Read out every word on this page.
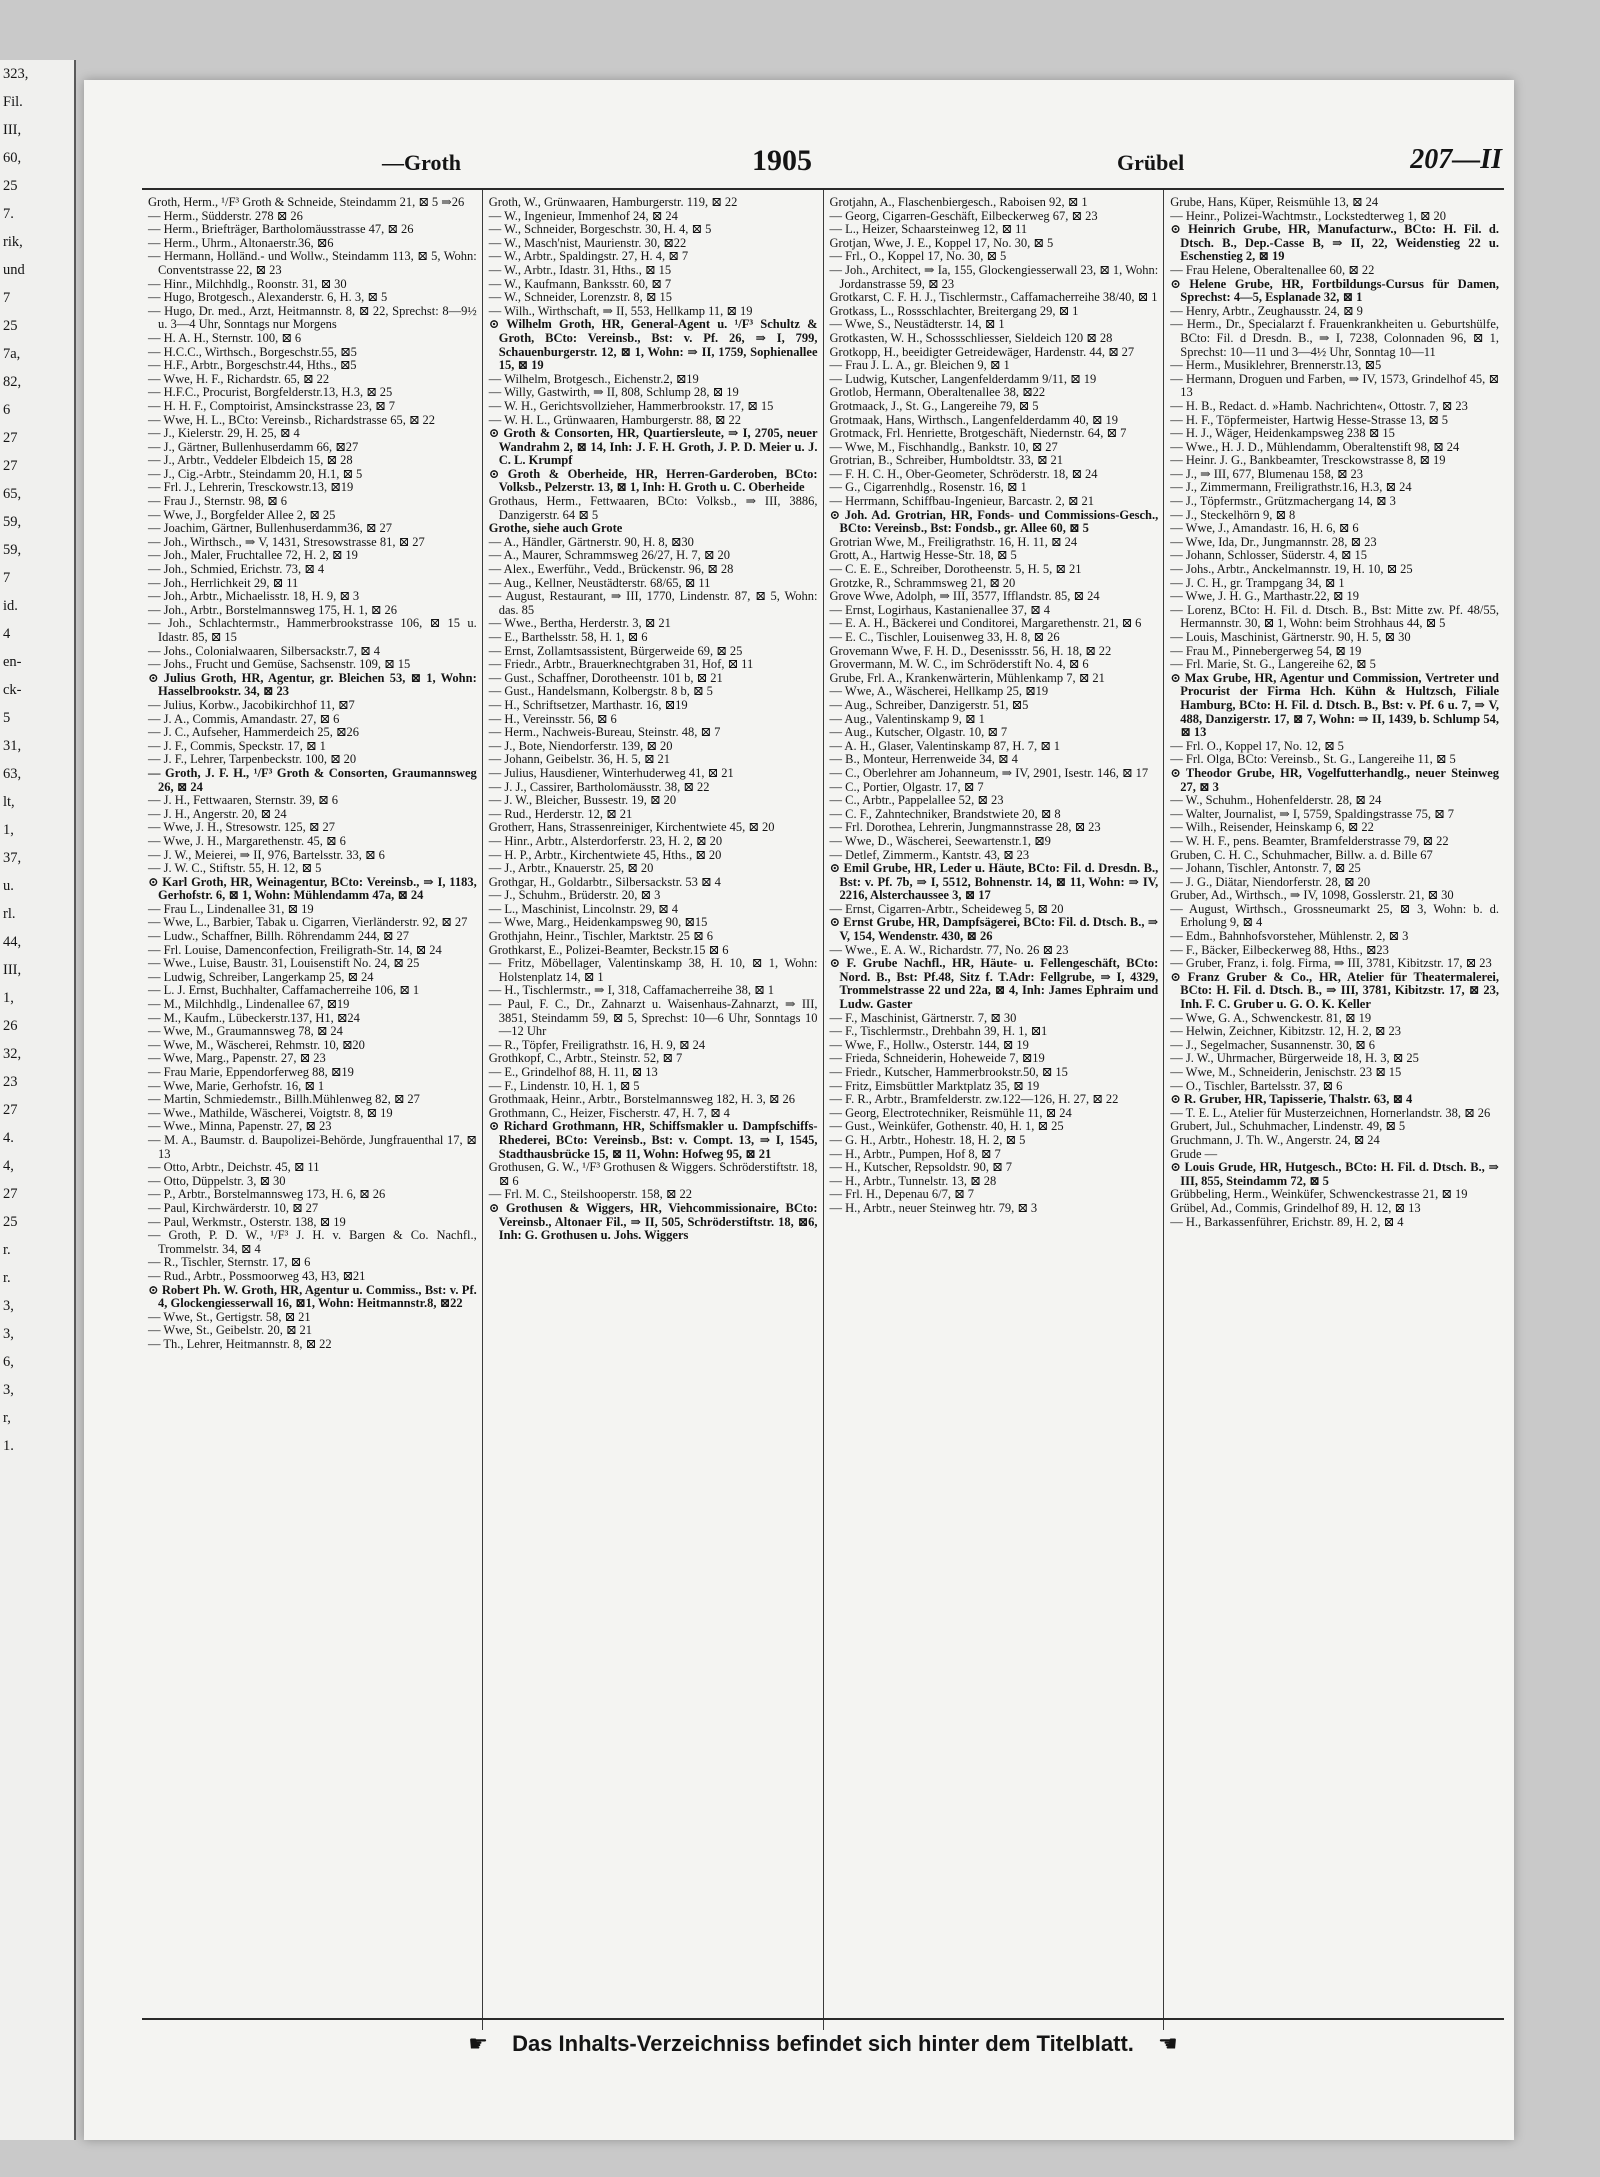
323,
Fil.
III,
60,
25
7.
rik,
und
7
25
7a,
82,
6
27
27
65,
59,
59,
7
id.
4
en-
ck-
5
31,
63,
lt,
1,
37,
u.
rl.
44,
III,
1,
26
32,
23
27
4.
4,
27
25
r.
r.
3,
3,
6,
3,
r,
1.
—Groth	1905	Grübel	207—II

Groth, Herm., ¹/F³ Groth & Schneide, Steindamm 21, ⊠ 5 ⇒26

— Herm., Südderstr. 278 ⊠ 26

— Herm., Briefträger, Bartholomäusstrasse 47, ⊠ 26

— Herm., Uhrm., Altonaerstr.36, ⊠6

— Hermann, Holländ.- und Wollw., Steindamm 113, ⊠ 5, Wohn: Conventstrasse 22, ⊠ 23

— Hinr., Milchhdlg., Roonstr. 31, ⊠ 30

— Hugo, Brotgesch., Alexanderstr. 6, H. 3, ⊠ 5

— Hugo, Dr. med., Arzt, Heitmannstr. 8, ⊠ 22, Sprechst: 8—9½ u. 3—4 Uhr, Sonntags nur Morgens

— H. A. H., Sternstr. 100, ⊠ 6

— H.C.C., Wirthsch., Borgeschstr.55, ⊠5

— H.F., Arbtr., Borgeschstr.44, Hths., ⊠5

— Wwe, H. F., Richardstr. 65, ⊠ 22

— H.F.C., Procurist, Borgfelderstr.13, H.3, ⊠ 25

— H. H. F., Comptoirist, Amsinckstrasse 23, ⊠ 7

— Wwe, H. L., BCto: Vereinsb., Richardstrasse 65, ⊠ 22

— J., Kielerstr. 29, H. 25, ⊠ 4

— J., Gärtner, Bullenhuserdamm 66, ⊠27

— J., Arbtr., Veddeler Elbdeich 15, ⊠ 28

— J., Cig.-Arbtr., Steindamm 20, H.1, ⊠ 5

— Frl. J., Lehrerin, Tresckowstr.13, ⊠19

— Frau J., Sternstr. 98, ⊠ 6

— Wwe, J., Borgfelder Allee 2, ⊠ 25

— Joachim, Gärtner, Bullenhuserdamm36, ⊠ 27

— Joh., Wirthsch., ⇒ V, 1431, Stresowstrasse 81, ⊠ 27

— Joh., Maler, Fruchtallee 72, H. 2, ⊠ 19

— Joh., Schmied, Erichstr. 73, ⊠ 4

— Joh., Herrlichkeit 29, ⊠ 11

— Joh., Arbtr., Michaelisstr. 18, H. 9, ⊠ 3

— Joh., Arbtr., Borstelmannsweg 175, H. 1, ⊠ 26

— Joh., Schlachtermstr., Hammerbrookstrasse 106, ⊠ 15 u. Idastr. 85, ⊠ 15

— Johs., Colonialwaaren, Silbersackstr.7, ⊠ 4

— Johs., Frucht und Gemüse, Sachsenstr. 109, ⊠ 15

⊙ Julius Groth, HR, Agentur, gr. Bleichen 53, ⊠ 1, Wohn: Hasselbrookstr. 34, ⊠ 23

— Julius, Korbw., Jacobikirchhof 11, ⊠7

— J. A., Commis, Amandastr. 27, ⊠ 6

— J. C., Aufseher, Hammerdeich 25, ⊠26

— J. F., Commis, Speckstr. 17, ⊠ 1

— J. F., Lehrer, Tarpenbeckstr. 100, ⊠ 20

— Groth, J. F. H., ¹/F³ Groth & Consorten, Graumannsweg 26, ⊠ 24

— J. H., Fettwaaren, Sternstr. 39, ⊠ 6

— J. H., Angerstr. 20, ⊠ 24

— Wwe, J. H., Stresowstr. 125, ⊠ 27

— Wwe, J. H., Margarethenstr. 45, ⊠ 6

— J. W., Meierei, ⇒ II, 976, Bartelsstr. 33, ⊠ 6

— J. W. C., Stiftstr. 55, H. 12, ⊠ 5

⊙ Karl Groth, HR, Weinagentur, BCto: Vereinsb., ⇒ I, 1183, Gerhofstr. 6, ⊠ 1, Wohn: Mühlendamm 47a, ⊠ 24

— Frau L., Lindenallee 31, ⊠ 19

— Wwe, L., Barbier, Tabak u. Cigarren, Vierländerstr. 92, ⊠ 27

— Ludw., Schaffner, Billh. Röhrendamm 244, ⊠ 27

— Frl. Louise, Damenconfection, Freiligrath-Str. 14, ⊠ 24

— Wwe., Luise, Baustr. 31, Louisenstift No. 24, ⊠ 25

— Ludwig, Schreiber, Langerkamp 25, ⊠ 24

— L. J. Ernst, Buchhalter, Caffamacherreihe 106, ⊠ 1

— M., Milchhdlg., Lindenallee 67, ⊠19

— M., Kaufm., Lübeckerstr.137, H1, ⊠24

— Wwe, M., Graumannsweg 78, ⊠ 24

— Wwe, M., Wäscherei, Rehmstr. 10, ⊠20

— Wwe, Marg., Papenstr. 27, ⊠ 23

— Frau Marie, Eppendorferweg 88, ⊠19

— Wwe, Marie, Gerhofstr. 16, ⊠ 1

— Martin, Schmiedemstr., Billh.Mühlenweg 82, ⊠ 27

— Wwe., Mathilde, Wäscherei, Voigtstr. 8, ⊠ 19

— Wwe., Minna, Papenstr. 27, ⊠ 23

— M. A., Baumstr. d. Baupolizei-Behörde, Jungfrauenthal 17, ⊠ 13

— Otto, Arbtr., Deichstr. 45, ⊠ 11

— Otto, Düppelstr. 3, ⊠ 30

— P., Arbtr., Borstelmannsweg 173, H. 6, ⊠ 26

— Paul, Kirchwärderstr. 10, ⊠ 27

— Paul, Werkmstr., Osterstr. 138, ⊠ 19

— Groth, P. D. W., ¹/F³ J. H. v. Bargen & Co. Nachfl., Trommelstr. 34, ⊠ 4

— R., Tischler, Sternstr. 17, ⊠ 6

— Rud., Arbtr., Possmoorweg 43, H3, ⊠21

⊙ Robert Ph. W. Groth, HR, Agentur u. Commiss., Bst: v. Pf. 4, Glockengiesserwall 16, ⊠1, Wohn: Heitmannstr.8, ⊠22

— Wwe, St., Gertigstr. 58, ⊠ 21

— Wwe, St., Geibelstr. 20, ⊠ 21

— Th., Lehrer, Heitmannstr. 8, ⊠ 22

Groth, W., Grünwaaren, Hamburgerstr. 119, ⊠ 22

— W., Ingenieur, Immenhof 24, ⊠ 24

— W., Schneider, Borgeschstr. 30, H. 4, ⊠ 5

— W., Masch'nist, Maurienstr. 30, ⊠22

— W., Arbtr., Spaldingstr. 27, H. 4, ⊠ 7

— W., Arbtr., Idastr. 31, Hths., ⊠ 15

— W., Kaufmann, Banksstr. 60, ⊠ 7

— W., Schneider, Lorenzstr. 8, ⊠ 15

— Wilh., Wirthschaft, ⇒ II, 553, Hellkamp 11, ⊠ 19

⊙ Wilhelm Groth, HR, General-Agent u. ¹/F³ Schultz & Groth, BCto: Vereinsb., Bst: v. Pf. 26, ⇒ I, 799, Schauenburgerstr. 12, ⊠ 1, Wohn: ⇒ II, 1759, Sophienallee 15, ⊠ 19

— Wilhelm, Brotgesch., Eichenstr.2, ⊠19

— Willy, Gastwirth, ⇒ II, 808, Schlump 28, ⊠ 19

— W. H., Gerichtsvollzieher, Hammerbrookstr. 17, ⊠ 15

— W. H. L., Grünwaaren, Hamburgerstr. 88, ⊠ 22

⊙ Groth & Consorten, HR, Quartiersleute, ⇒ I, 2705, neuer Wandrahm 2, ⊠ 14, Inh: J. F. H. Groth, J. P. D. Meier u. J. C. L. Krumpf

⊙ Groth & Oberheide, HR, Herren-Garderoben, BCto: Volksb., Pelzerstr. 13, ⊠ 1, Inh: H. Groth u. C. Oberheide

Grothaus, Herm., Fettwaaren, BCto: Volksb., ⇒ III, 3886, Danzigerstr. 64 ⊠ 5

Grothe, siehe auch Grote

— A., Händler, Gärtnerstr. 90, H. 8, ⊠30

— A., Maurer, Schrammsweg 26/27, H. 7, ⊠ 20

— Alex., Ewerführ., Vedd., Brückenstr. 96, ⊠ 28

— Aug., Kellner, Neustädterstr. 68/65, ⊠ 11

— August, Restaurant, ⇒ III, 1770, Lindenstr. 87, ⊠ 5, Wohn: das. 85

— Wwe., Bertha, Herderstr. 3, ⊠ 21

— E., Barthelsstr. 58, H. 1, ⊠ 6

— Ernst, Zollamtsassistent, Bürgerweide 69, ⊠ 25

— Friedr., Arbtr., Brauerknechtgraben 31, Hof, ⊠ 11

— Gust., Schaffner, Dorotheenstr. 101 b, ⊠ 21

— Gust., Handelsmann, Kolbergstr. 8 b, ⊠ 5

— H., Schriftsetzer, Marthastr. 16, ⊠19

— H., Vereinsstr. 56, ⊠ 6

— Herm., Nachweis-Bureau, Steinstr. 48, ⊠ 7

— J., Bote, Niendorferstr. 139, ⊠ 20

— Johann, Geibelstr. 36, H. 5, ⊠ 21

— Julius, Hausdiener, Winterhuderweg 41, ⊠ 21

— J. J., Cassirer, Bartholomäusstr. 38, ⊠ 22

— J. W., Bleicher, Bussestr. 19, ⊠ 20

— Rud., Herderstr. 12, ⊠ 21

Grotherr, Hans, Strassenreiniger, Kirchentwiete 45, ⊠ 20

— Hinr., Arbtr., Alsterdorferstr. 23, H. 2, ⊠ 20

— H. P., Arbtr., Kirchentwiete 45, Hths., ⊠ 20

— J., Arbtr., Knauerstr. 25, ⊠ 20

Grothgar, H., Goldarbtr., Silbersackstr. 53 ⊠ 4

— J., Schuhm., Brüderstr. 20, ⊠ 3

— L., Maschinist, Lincolnstr. 29, ⊠ 4

— Wwe, Marg., Heidenkampsweg 90, ⊠15

Grothjahn, Heinr., Tischler, Marktstr. 25 ⊠ 6

Grothkarst, E., Polizei-Beamter, Beckstr.15 ⊠ 6

— Fritz, Möbellager, Valentinskamp 38, H. 10, ⊠ 1, Wohn: Holstenplatz 14, ⊠ 1

— H., Tischlermstr., ⇒ I, 318, Caffamacherreihe 38, ⊠ 1

— Paul, F. C., Dr., Zahnarzt u. Waisenhaus-Zahnarzt, ⇒ III, 3851, Steindamm 59, ⊠ 5, Sprechst: 10—6 Uhr, Sonntags 10—12 Uhr

— R., Töpfer, Freiligrathstr. 16, H. 9, ⊠ 24

Grothkopf, C., Arbtr., Steinstr. 52, ⊠ 7

— E., Grindelhof 88, H. 11, ⊠ 13

— F., Lindenstr. 10, H. 1, ⊠ 5

Grothmaak, Heinr., Arbtr., Borstelmannsweg 182, H. 3, ⊠ 26

Grothmann, C., Heizer, Fischerstr. 47, H. 7, ⊠ 4

⊙ Richard Grothmann, HR, Schiffsmakler u. Dampfschiffs-Rhederei, BCto: Vereinsb., Bst: v. Compt. 13, ⇒ I, 1545, Stadthausbrücke 15, ⊠ 11, Wohn: Hofweg 95, ⊠ 21

Grothusen, G. W., ¹/F³ Grothusen & Wiggers. Schröderstiftstr. 18, ⊠ 6

— Frl. M. C., Steilshooperstr. 158, ⊠ 22

⊙ Grothusen & Wiggers, HR, Viehcommissionaire, BCto: Vereinsb., Altonaer Fil., ⇒ II, 505, Schröderstiftstr. 18, ⊠6, Inh: G. Grothusen u. Johs. Wiggers

Grotjahn, A., Flaschenbiergesch., Raboisen 92, ⊠ 1

— Georg, Cigarren-Geschäft, Eilbeckerweg 67, ⊠ 23

— L., Heizer, Schaarsteinweg 12, ⊠ 11

Grotjan, Wwe, J. E., Koppel 17, No. 30, ⊠ 5

— Frl., O., Koppel 17, No. 30, ⊠ 5

— Joh., Architect, ⇒ Ia, 155, Glockengiesserwall 23, ⊠ 1, Wohn: Jordanstrasse 59, ⊠ 23

Grotkarst, C. F. H. J., Tischlermstr., Caffamacherreihe 38/40, ⊠ 1

Grotkass, L., Rossschlachter, Breitergang 29, ⊠ 1

— Wwe, S., Neustädterstr. 14, ⊠ 1

Grotkasten, W. H., Schossschliesser, Sieldeich 120 ⊠ 28

Grotkopp, H., beeidigter Getreidewäger, Hardenstr. 44, ⊠ 27

— Frau J. L. A., gr. Bleichen 9, ⊠ 1

— Ludwig, Kutscher, Langenfelderdamm 9/11, ⊠ 19

Grotlob, Hermann, Oberaltenallee 38, ⊠22

Grotmaack, J., St. G., Langereihe 79, ⊠ 5

Grotmaak, Hans, Wirthsch., Langenfelderdamm 40, ⊠ 19

Grotmack, Frl. Henriette, Brotgeschäft, Niedernstr. 64, ⊠ 7

— Wwe, M., Fischhandlg., Bankstr. 10, ⊠ 27

Grotrian, B., Schreiber, Humboldtstr. 33, ⊠ 21

— F. H. C. H., Ober-Geometer, Schröderstr. 18, ⊠ 24

— G., Cigarrenhdlg., Rosenstr. 16, ⊠ 1

— Herrmann, Schiffbau-Ingenieur, Barcastr. 2, ⊠ 21

⊙ Joh. Ad. Grotrian, HR, Fonds- und Commissions-Gesch., BCto: Vereinsb., Bst: Fondsb., gr. Allee 60, ⊠ 5

Grotrian Wwe, M., Freiligrathstr. 16, H. 11, ⊠ 24

Grott, A., Hartwig Hesse-Str. 18, ⊠ 5

— C. E. E., Schreiber, Dorotheenstr. 5, H. 5, ⊠ 21

Grotzke, R., Schrammsweg 21, ⊠ 20

Grove Wwe, Adolph, ⇒ III, 3577, Ifflandstr. 85, ⊠ 24

— Ernst, Logirhaus, Kastanienallee 37, ⊠ 4

— E. A. H., Bäckerei und Conditorei, Margarethenstr. 21, ⊠ 6

— E. C., Tischler, Louisenweg 33, H. 8, ⊠ 26

Grovemann Wwe, F. H. D., Desenissstr. 56, H. 18, ⊠ 22

Grovermann, M. W. C., im Schröderstift No. 4, ⊠ 6

Grube, Frl. A., Krankenwärterin, Mühlenkamp 7, ⊠ 21

— Wwe, A., Wäscherei, Hellkamp 25, ⊠19

— Aug., Schreiber, Danzigerstr. 51, ⊠5

— Aug., Valentinskamp 9, ⊠ 1

— Aug., Kutscher, Olgastr. 10, ⊠ 7

— A. H., Glaser, Valentinskamp 87, H. 7, ⊠ 1

— B., Monteur, Herrenweide 34, ⊠ 4

— C., Oberlehrer am Johanneum, ⇒ IV, 2901, Isestr. 146, ⊠ 17

— C., Portier, Olgastr. 17, ⊠ 7

— C., Arbtr., Pappelallee 52, ⊠ 23

— C. F., Zahntechniker, Brandstwiete 20, ⊠ 8

— Frl. Dorothea, Lehrerin, Jungmannstrasse 28, ⊠ 23

— Wwe, D., Wäscherei, Seewartenstr.1, ⊠9

— Detlef, Zimmerm., Kantstr. 43, ⊠ 23

⊙ Emil Grube, HR, Leder u. Häute, BCto: Fil. d. Dresdn. B., Bst: v. Pf. 7b, ⇒ I, 5512, Bohnenstr. 14, ⊠ 11, Wohn: ⇒ IV, 2216, Alsterchaussee 3, ⊠ 17

— Ernst, Cigarren-Arbtr., Scheideweg 5, ⊠ 20

⊙ Ernst Grube, HR, Dampfsägerei, BCto: Fil. d. Dtsch. B., ⇒ V, 154, Wendenstr. 430, ⊠ 26

— Wwe., E. A. W., Richardstr. 77, No. 26 ⊠ 23

⊙ F. Grube Nachfl., HR, Häute- u. Fellengeschäft, BCto: Nord. B., Bst: Pf.48, Sitz f. T.Adr: Fellgrube, ⇒ I, 4329, Trommelstrasse 22 und 22a, ⊠ 4, Inh: James Ephraim und Ludw. Gaster

— F., Maschinist, Gärtnerstr. 7, ⊠ 30

— F., Tischlermstr., Drehbahn 39, H. 1, ⊠1

— Wwe, F., Hollw., Osterstr. 144, ⊠ 19

— Frieda, Schneiderin, Hoheweide 7, ⊠19

— Friedr., Kutscher, Hammerbrookstr.50, ⊠ 15

— Fritz, Eimsbüttler Marktplatz 35, ⊠ 19

— F. R., Arbtr., Bramfelderstr. zw.122—126, H. 27, ⊠ 22

— Georg, Electrotechniker, Reismühle 11, ⊠ 24

— Gust., Weinküfer, Gothenstr. 40, H. 1, ⊠ 25

— G. H., Arbtr., Hohestr. 18, H. 2, ⊠ 5

— H., Arbtr., Pumpen, Hof 8, ⊠ 7

— H., Kutscher, Repsoldstr. 90, ⊠ 7

— H., Arbtr., Tunnelstr. 13, ⊠ 28

— Frl. H., Depenau 6/7, ⊠ 7

— H., Arbtr., neuer Steinweg htr. 79, ⊠ 3

Grube, Hans, Küper, Reismühle 13, ⊠ 24

— Heinr., Polizei-Wachtmstr., Lockstedterweg 1, ⊠ 20

⊙ Heinrich Grube, HR, Manufacturw., BCto: H. Fil. d. Dtsch. B., Dep.-Casse B, ⇒ II, 22, Weidenstieg 22 u. Eschenstieg 2, ⊠ 19

— Frau Helene, Oberaltenallee 60, ⊠ 22

⊙ Helene Grube, HR, Fortbildungs-Cursus für Damen, Sprechst: 4—5, Esplanade 32, ⊠ 1

— Henry, Arbtr., Zeughausstr. 24, ⊠ 9

— Herm., Dr., Specialarzt f. Frauenkrankheiten u. Geburtshülfe, BCto: Fil. d Dresdn. B., ⇒ I, 7238, Colonnaden 96, ⊠ 1, Sprechst: 10—11 und 3—4½ Uhr, Sonntag 10—11

— Herm., Musiklehrer, Brennerstr.13, ⊠5

— Hermann, Droguen und Farben, ⇒ IV, 1573, Grindelhof 45, ⊠ 13

— H. B., Redact. d. »Hamb. Nachrichten«, Ottostr. 7, ⊠ 23

— H. F., Töpfermeister, Hartwig Hesse-Strasse 13, ⊠ 5

— H. J., Wäger, Heidenkampsweg 238 ⊠ 15

— Wwe., H. J. D., Mühlendamm, Oberaltenstift 98, ⊠ 24

— Heinr. J. G., Bankbeamter, Tresckowstrasse 8, ⊠ 19

— J., ⇒ III, 677, Blumenau 158, ⊠ 23

— J., Zimmermann, Freiligrathstr.16, H.3, ⊠ 24

— J., Töpfermstr., Grützmachergang 14, ⊠ 3

— J., Steckelhörn 9, ⊠ 8

— Wwe, J., Amandastr. 16, H. 6, ⊠ 6

— Wwe, Ida, Dr., Jungmannstr. 28, ⊠ 23

— Johann, Schlosser, Süderstr. 4, ⊠ 15

— Johs., Arbtr., Anckelmannstr. 19, H. 10, ⊠ 25

— J. C. H., gr. Trampgang 34, ⊠ 1

— Wwe, J. H. G., Marthastr.22, ⊠ 19

— Lorenz, BCto: H. Fil. d. Dtsch. B., Bst: Mitte zw. Pf. 48/55, Hermannstr. 30, ⊠ 1, Wohn: beim Strohhaus 44, ⊠ 5

— Louis, Maschinist, Gärtnerstr. 90, H. 5, ⊠ 30

— Frau M., Pinnebergerweg 54, ⊠ 19

— Frl. Marie, St. G., Langereihe 62, ⊠ 5

⊙ Max Grube, HR, Agentur und Commission, Vertreter und Procurist der Firma Hch. Kühn & Hultzsch, Filiale Hamburg, BCto: H. Fil. d. Dtsch. B., Bst: v. Pf. 6 u. 7, ⇒ V, 488, Danzigerstr. 17, ⊠ 7, Wohn: ⇒ II, 1439, b. Schlump 54, ⊠ 13

— Frl. O., Koppel 17, No. 12, ⊠ 5

— Frl. Olga, BCto: Vereinsb., St. G., Langereihe 11, ⊠ 5

⊙ Theodor Grube, HR, Vogelfutterhandlg., neuer Steinweg 27, ⊠ 3

— W., Schuhm., Hohenfelderstr. 28, ⊠ 24

— Walter, Journalist, ⇒ I, 5759, Spaldingstrasse 75, ⊠ 7

— Wilh., Reisender, Heinskamp 6, ⊠ 22

— W. H. F., pens. Beamter, Bramfelderstrasse 79, ⊠ 22

Gruben, C. H. C., Schuhmacher, Billw. a. d. Bille 67

— Johann, Tischler, Antonstr. 7, ⊠ 25

— J. G., Diätar, Niendorferstr. 28, ⊠ 20

Gruber, Ad., Wirthsch., ⇒ IV, 1098, Gosslerstr. 21, ⊠ 30

— August, Wirthsch., Grossneumarkt 25, ⊠ 3, Wohn: b. d. Erholung 9, ⊠ 4

— Edm., Bahnhofsvorsteher, Mühlenstr. 2, ⊠ 3

— F., Bäcker, Eilbeckerweg 88, Hths., ⊠23

— Gruber, Franz, i. folg. Firma, ⇒ III, 3781, Kibitzstr. 17, ⊠ 23

⊙ Franz Gruber & Co., HR, Atelier für Theatermalerei, BCto: H. Fil. d. Dtsch. B., ⇒ III, 3781, Kibitzstr. 17, ⊠ 23, Inh. F. C. Gruber u. G. O. K. Keller

— Wwe, G. A., Schwenckestr. 81, ⊠ 19

— Helwin, Zeichner, Kibitzstr. 12, H. 2, ⊠ 23

— J., Segelmacher, Susannenstr. 30, ⊠ 6

— J. W., Uhrmacher, Bürgerweide 18, H. 3, ⊠ 25

— Wwe, M., Schneiderin, Jenischstr. 23 ⊠ 15

— O., Tischler, Bartelsstr. 37, ⊠ 6

⊙ R. Gruber, HR, Tapisserie, Thalstr. 63, ⊠ 4

— T. E. L., Atelier für Musterzeichnen, Hornerlandstr. 38, ⊠ 26

Grubert, Jul., Schuhmacher, Lindenstr. 49, ⊠ 5

Gruchmann, J. Th. W., Angerstr. 24, ⊠ 24

Grude —

⊙ Louis Grude, HR, Hutgesch., BCto: H. Fil. d. Dtsch. B., ⇒ III, 855, Steindamm 72, ⊠ 5

Grübbeling, Herm., Weinküfer, Schwenckestrasse 21, ⊠ 19

Grübel, Ad., Commis, Grindelhof 89, H. 12, ⊠ 13

— H., Barkassenführer, Erichstr. 89, H. 2, ⊠ 4

☛ Das Inhalts-Verzeichniss befindet sich hinter dem Titelblatt. ☚
